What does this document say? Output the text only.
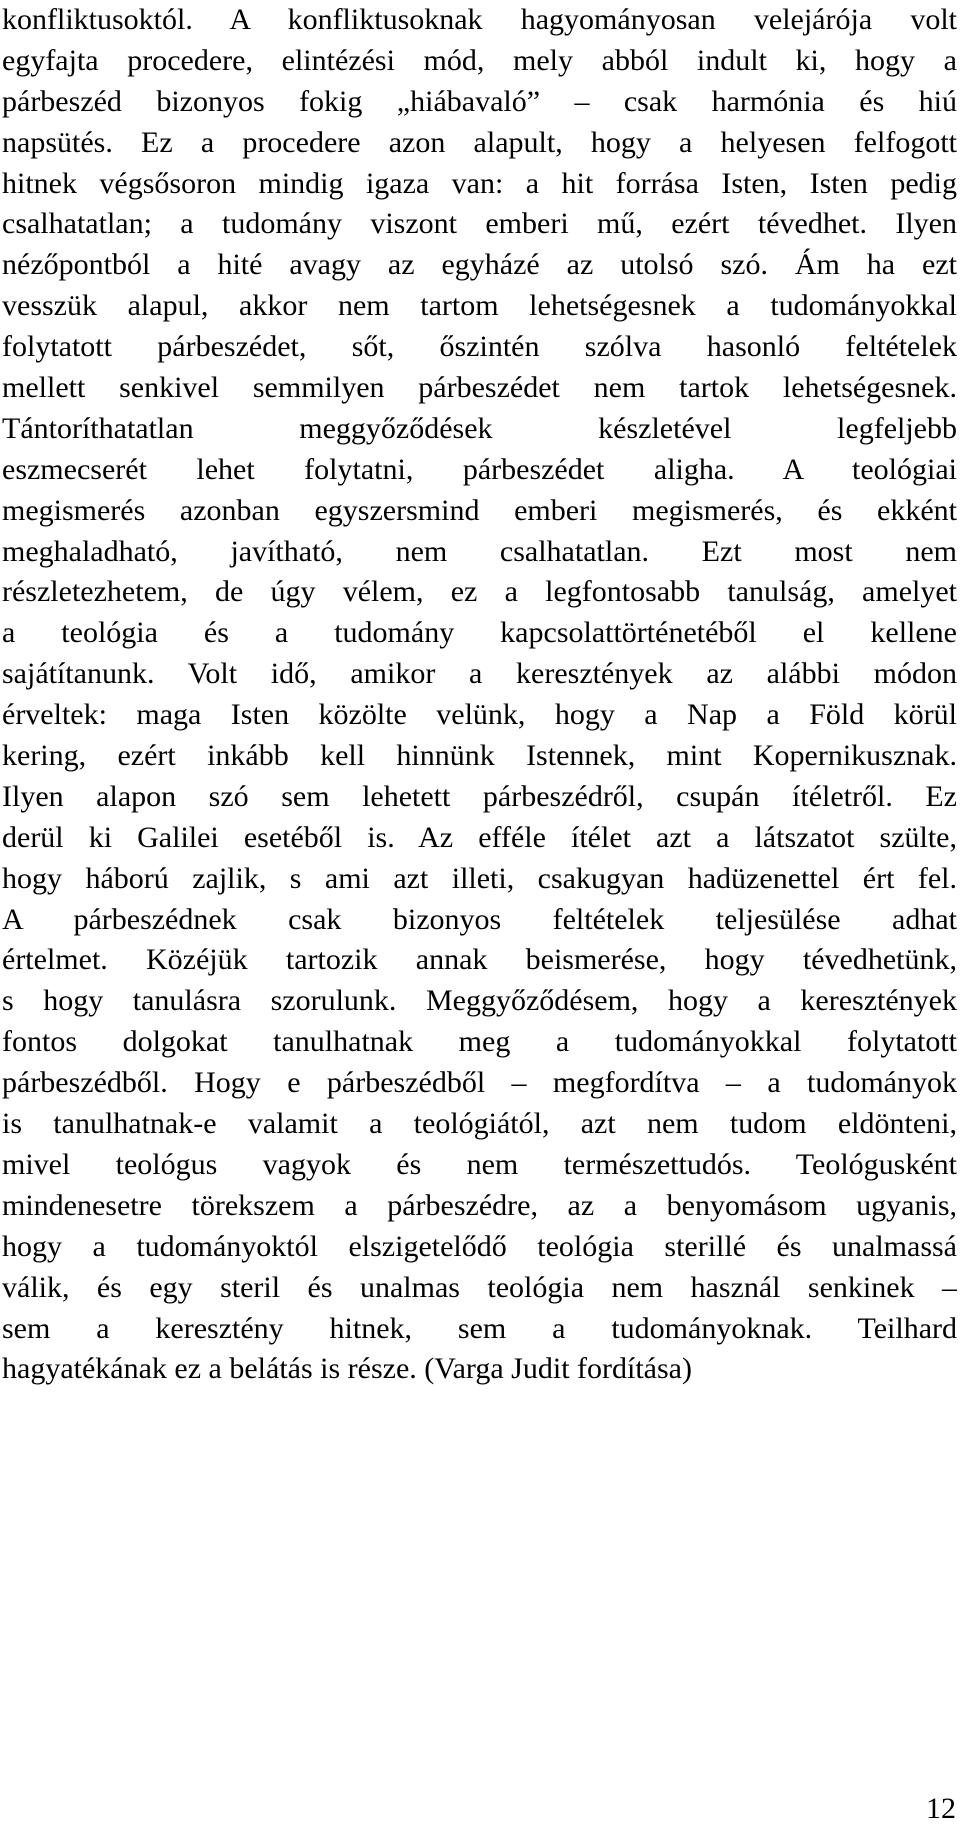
konfliktusoktól. A konfliktusoknak hagyományosan velejárója volt
egyfajta procedere, elintézési mód, mely abból indult ki, hogy a
párbeszéd bizonyos fokig „hiábavaló” – csak harmónia és hiú
napsütés. Ez a procedere azon alapult, hogy a helyesen felfogott
hitnek végsősoron mindig igaza van: a hit forrása Isten, Isten pedig
csalhatatlan; a tudomány viszont emberi mű, ezért tévedhet. Ilyen
nézőpontból a hité avagy az egyházé az utolsó szó. Ám ha ezt
vesszük alapul, akkor nem tartom lehetségesnek a tudományokkal
folytatott párbeszédet, sőt, őszintén szólva hasonló feltételek
mellett senkivel semmilyen párbeszédet nem tartok lehetségesnek.
Tántoríthatatlan meggyőződések készletével legfeljebb
eszmecserét lehet folytatni, párbeszédet aligha. A teológiai
megismerés azonban egyszersmind emberi megismerés, és ekként
meghaladható, javítható, nem csalhatatlan. Ezt most nem
részletezhetem, de úgy vélem, ez a legfontosabb tanulság, amelyet
a teológia és a tudomány kapcsolattörténetéből el kellene
sajátítanunk. Volt idő, amikor a keresztények az alábbi módon
érveltek: maga Isten közölte velünk, hogy a Nap a Föld körül
kering, ezért inkább kell hinnünk Istennek, mint Kopernikusznak.
Ilyen alapon szó sem lehetett párbeszédről, csupán ítéletről. Ez
derül ki Galilei esetéből is. Az efféle ítélet azt a látszatot szülte,
hogy háború zajlik, s ami azt illeti, csakugyan hadüzenettel ért fel.
A párbeszédnek csak bizonyos feltételek teljesülése adhat
értelmet. Közéjük tartozik annak beismerése, hogy tévedhetünk,
s hogy tanulásra szorulunk. Meggyőződésem, hogy a keresztények
fontos dolgokat tanulhatnak meg a tudományokkal folytatott
párbeszédből. Hogy e párbeszédből – megfordítva – a tudományok
is tanulhatnak-e valamit a teológiától, azt nem tudom eldönteni,
mivel teológus vagyok és nem természettudós. Teológusként
mindenesetre törekszem a párbeszédre, az a benyomásom ugyanis,
hogy a tudományoktól elszigetelődő teológia sterillé és unalmassá
válik, és egy steril és unalmas teológia nem használ senkinek –
sem a keresztény hitnek, sem a tudományoknak. Teilhard
hagyatékának ez a belátás is része. (Varga Judit fordítása)

12
